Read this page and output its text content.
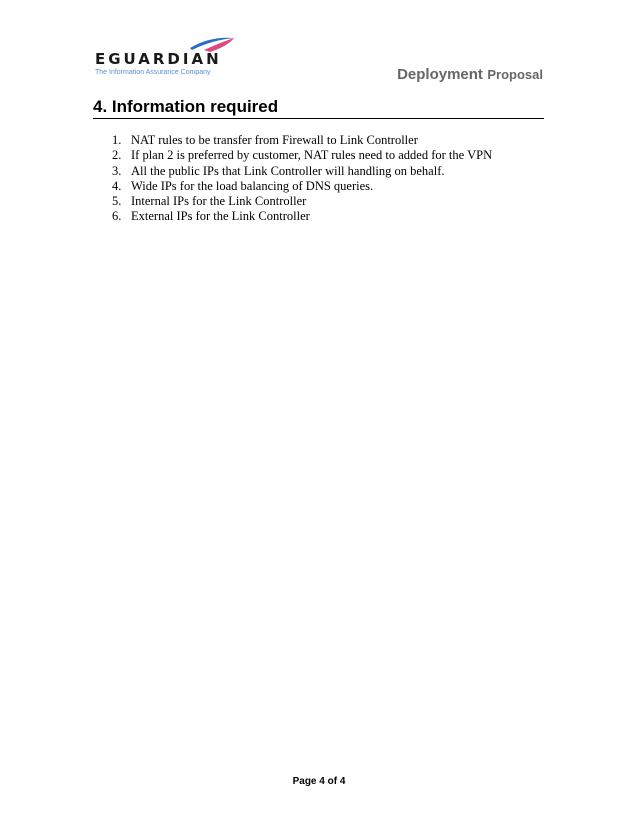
EGUARDIAN
The Information Assurance Company	Deployment Proposal
4. Information required
1. NAT rules to be transfer from Firewall to Link Controller
2. If plan 2 is preferred by customer, NAT rules need to added for the VPN
3. All the public IPs that Link Controller will handling on behalf.
4. Wide IPs for the load balancing of DNS queries.
5. Internal IPs for the Link Controller
6. External IPs for the Link Controller
Page 4 of 4
